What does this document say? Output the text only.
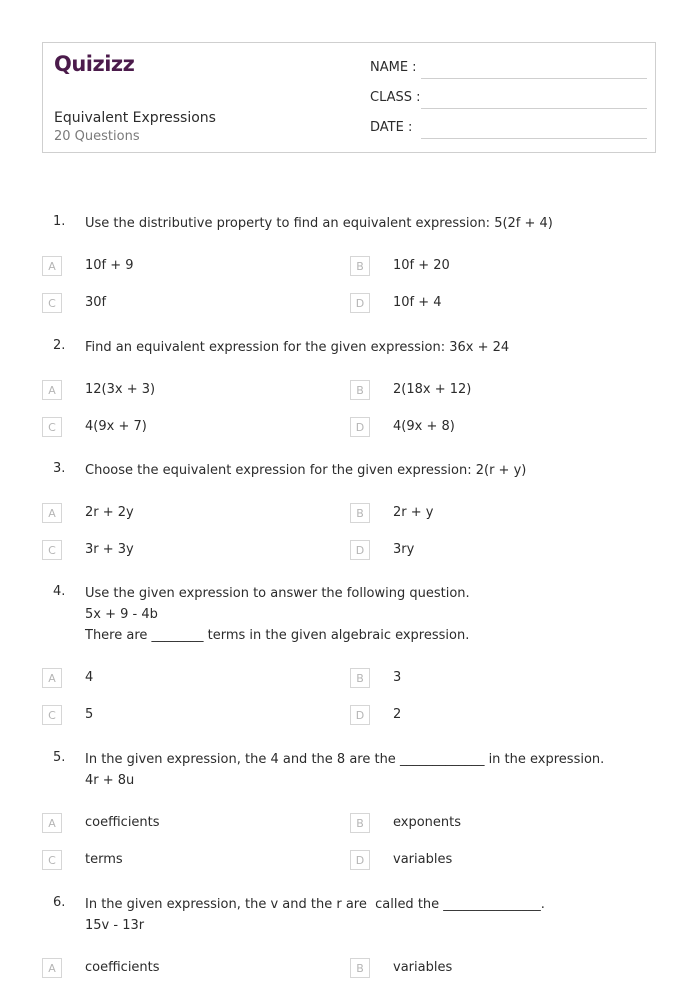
Quizizz
Equivalent Expressions
20 Questions
NAME :
CLASS :
DATE :
1. Use the distributive property to find an equivalent expression: 5(2f + 4)
A	10f + 9	B	10f + 20
C	30f	D	10f + 4
2. Find an equivalent expression for the given expression: 36x + 24
A	12(3x + 3)	B	2(18x + 12)
C	4(9x + 7)	D	4(9x + 8)
3. Choose the equivalent expression for the given expression: 2(r + y)
A	2r + 2y	B	2r + y
C	3r + 3y	D	3ry
4. Use the given expression to answer the following question.
5x + 9 - 4b
There are ________ terms in the given algebraic expression.
A	4	B	3
C	5	D	2
5. In the given expression, the 4 and the 8 are the _____________ in the expression.
4r + 8u
A	coefficients	B	exponents
C	terms	D	variables
6. In the given expression, the v and the r are  called the _______________.
15v - 13r
A	coefficients	B	variables
